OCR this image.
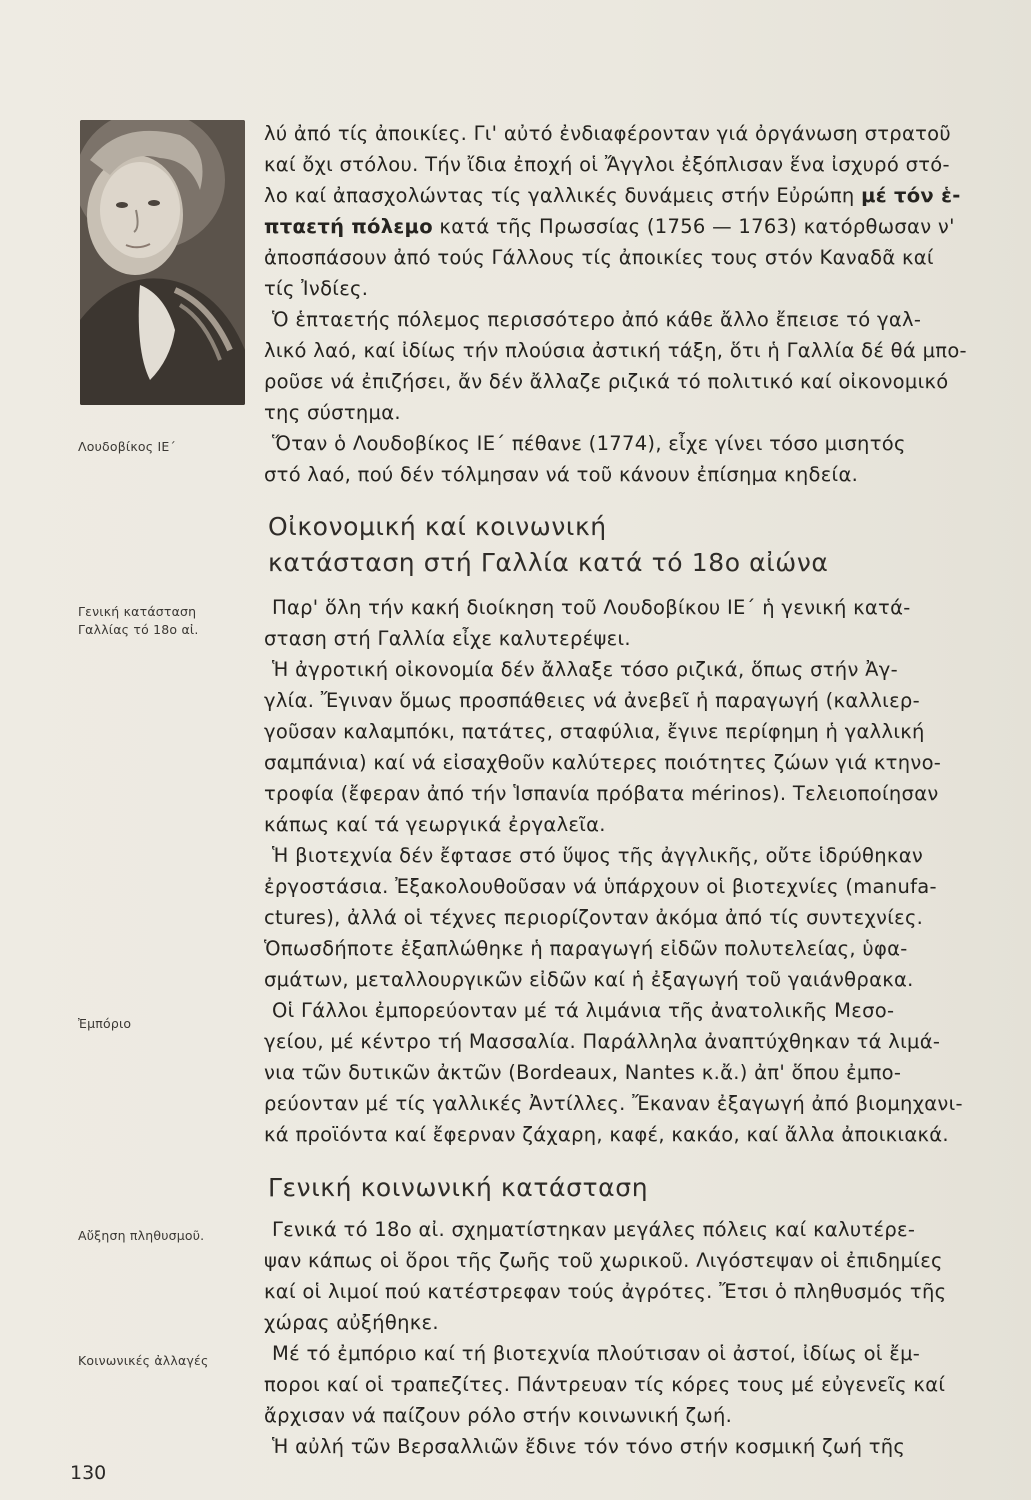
Λουδοβίκος ΙΕ΄
Γενική κατάσταση
Γαλλίας τό 18ο αἰ.
Ἐμπόριο
Αὔξηση πληθυσμοῦ.
Κοινωνικές ἀλλαγές
λύ ἀπό τίς ἀποικίες. Γι' αὐτό ἐνδιαφέρονταν γιά ὀργάνωση στρατοῦ
καί ὄχι στόλου. Τήν ἴδια ἐποχή οἱ Ἄγγλοι ἐξόπλισαν ἕνα ἰσχυρό στό-
λο καί ἀπασχολώντας τίς γαλλικές δυνάμεις στήν Εὐρώπη μέ τόν ἑ-
πταετή πόλεμο κατά τῆς Πρωσσίας (1756 — 1763) κατόρθωσαν ν'
ἀποσπάσουν ἀπό τούς Γάλλους τίς ἀποικίες τους στόν Καναδᾶ καί
τίς Ἰνδίες.
Ὁ ἑπταετής πόλεμος περισσότερο ἀπό κάθε ἄλλο ἔπεισε τό γαλ-
λικό λαό, καί ἰδίως τήν πλούσια ἀστική τάξη, ὅτι ἡ Γαλλία δέ θά μπο-
ροῦσε νά ἐπιζήσει, ἄν δέν ἄλλαζε ριζικά τό πολιτικό καί οἰκονομικό
της σύστημα.
Ὅταν ὁ Λουδοβίκος ΙΕ΄ πέθανε (1774), εἶχε γίνει τόσο μισητός
στό λαό, πού δέν τόλμησαν νά τοῦ κάνουν ἐπίσημα κηδεία.
Οἰκονομική καί κοινωνική
κατάσταση στή Γαλλία κατά τό 18ο αἰώνα
Παρ' ὅλη τήν κακή διοίκηση τοῦ Λουδοβίκου ΙΕ΄ ἡ γενική κατά-
σταση στή Γαλλία εἶχε καλυτερέψει.
Ἡ ἀγροτική οἰκονομία δέν ἄλλαξε τόσο ριζικά, ὅπως στήν Ἀγ-
γλία. Ἔγιναν ὅμως προσπάθειες νά ἀνεβεῖ ἡ παραγωγή (καλλιερ-
γοῦσαν καλαμπόκι, πατάτες, σταφύλια, ἔγινε περίφημη ἡ γαλλική
σαμπάνια) καί νά εἰσαχθοῦν καλύτερες ποιότητες ζώων γιά κτηνο-
τροφία (ἔφεραν ἀπό τήν Ἱσπανία πρόβατα mérinos). Τελειοποίησαν
κάπως καί τά γεωργικά ἐργαλεῖα.
Ἡ βιοτεχνία δέν ἔφτασε στό ὕψος τῆς ἀγγλικῆς, οὔτε ἱδρύθηκαν
ἐργοστάσια. Ἐξακολουθοῦσαν νά ὑπάρχουν οἱ βιοτεχνίες (manufa-
ctures), ἀλλά οἱ τέχνες περιορίζονταν ἀκόμα ἀπό τίς συντεχνίες.
Ὁπωσδήποτε ἐξαπλώθηκε ἡ παραγωγή εἰδῶν πολυτελείας, ὑφα-
σμάτων, μεταλλουργικῶν εἰδῶν καί ἡ ἐξαγωγή τοῦ γαιάνθρακα.
Οἱ Γάλλοι ἐμπορεύονταν μέ τά λιμάνια τῆς ἀνατολικῆς Μεσο-
γείου, μέ κέντρο τή Μασσαλία. Παράλληλα ἀναπτύχθηκαν τά λιμά-
νια τῶν δυτικῶν ἀκτῶν (Bordeaux, Nantes κ.ἄ.) ἀπ' ὅπου ἐμπο-
ρεύονταν μέ τίς γαλλικές Ἀντίλλες. Ἔκαναν ἐξαγωγή ἀπό βιομηχανι-
κά προϊόντα καί ἔφερναν ζάχαρη, καφέ, κακάο, καί ἄλλα ἀποικιακά.
Γενική κοινωνική κατάσταση
Γενικά τό 18ο αἰ. σχηματίστηκαν μεγάλες πόλεις καί καλυτέρε-
ψαν κάπως οἱ ὅροι τῆς ζωῆς τοῦ χωρικοῦ. Λιγόστεψαν οἱ ἐπιδημίες
καί οἱ λιμοί πού κατέστρεφαν τούς ἀγρότες. Ἔτσι ὁ πληθυσμός τῆς
χώρας αὐξήθηκε.
Μέ τό ἐμπόριο καί τή βιοτεχνία πλούτισαν οἱ ἀστοί, ἰδίως οἱ ἔμ-
ποροι καί οἱ τραπεζίτες. Πάντρευαν τίς κόρες τους μέ εὐγενεῖς καί
ἄρχισαν νά παίζουν ρόλο στήν κοινωνική ζωή.
Ἡ αὐλή τῶν Βερσαλλιῶν ἔδινε τόν τόνο στήν κοσμική ζωή τῆς
130
